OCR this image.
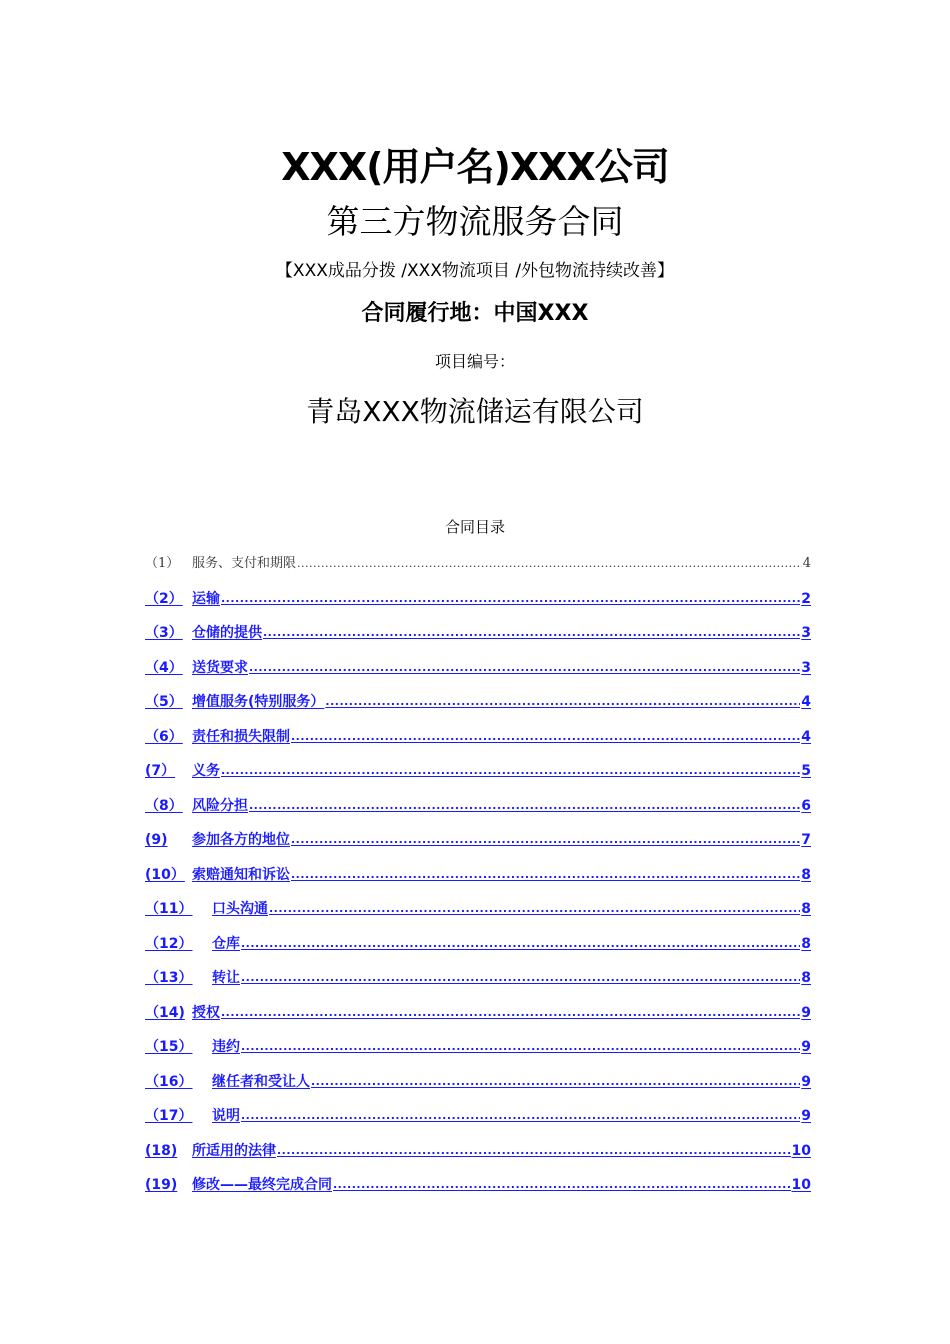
XXX(用户名)XXX公司
第三方物流服务合同
【XXX成品分拨 /XXX物流项目 /外包物流持续改善】
合同履行地：中国XXX
项目编号：
青岛XXX物流储运有限公司
合同目录
（1） 服务、支付和期限 .....	4
（2） 运输 .....	2
（3） 仓储的提供 .....	3
（4） 送货要求 .....	3
（5） 增值服务(特别服务） .....	4
（6） 责任和损失限制 .....	4
(7）	义务 .....	5
（8） 风险分担 .....	6
(9)	参加各方的地位 .....	7
(10） 索赔通知和诉讼 .....	8
（11）	口头沟通 .....	8
（12）	仓库 .....	8
（13）	转让 .....	8
（14) 授权 .....	9
（15）	违约 .....	9
（16）	继任者和受让人 .....	9
（17）	说明 .....	9
(18)	所适用的法律 .....	10
(19)	修改——最终完成合同 .....	10
